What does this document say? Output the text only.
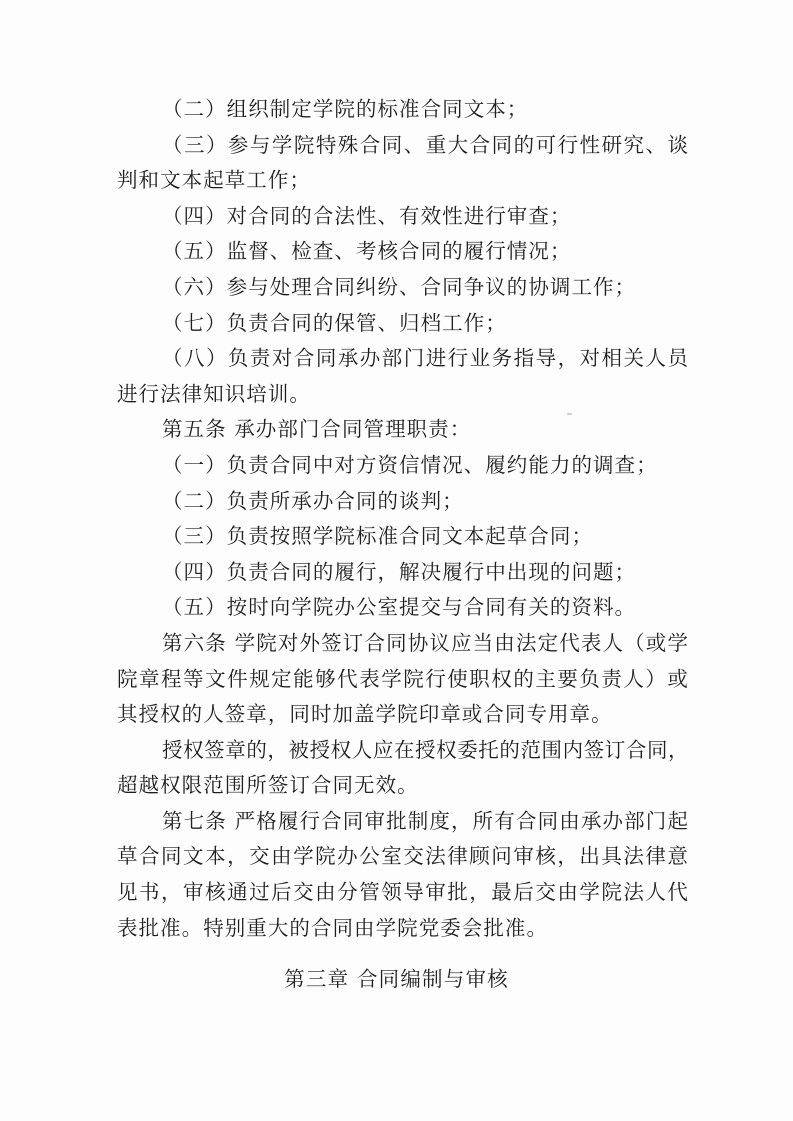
（二）组织制定学院的标准合同文本；
（三）参与学院特殊合同、重大合同的可行性研究、谈
判和文本起草工作；
（四）对合同的合法性、有效性进行审查；
（五）监督、检查、考核合同的履行情况；
（六）参与处理合同纠纷、合同争议的协调工作；
（七）负责合同的保管、归档工作；
（八）负责对合同承办部门进行业务指导，对相关人员
进行法律知识培训。
第五条 承办部门合同管理职责：
（一）负责合同中对方资信情况、履约能力的调查；
（二）负责所承办合同的谈判；
（三）负责按照学院标准合同文本起草合同；
（四）负责合同的履行，解决履行中出现的问题；
（五）按时向学院办公室提交与合同有关的资料。
第六条 学院对外签订合同协议应当由法定代表人（或学
院章程等文件规定能够代表学院行使职权的主要负责人）或
其授权的人签章，同时加盖学院印章或合同专用章。
授权签章的，被授权人应在授权委托的范围内签订合同，
超越权限范围所签订合同无效。
第七条 严格履行合同审批制度，所有合同由承办部门起
草合同文本，交由学院办公室交法律顾问审核，出具法律意
见书，审核通过后交由分管领导审批，最后交由学院法人代
表批准。特别重大的合同由学院党委会批准。
第三章 合同编制与审核
